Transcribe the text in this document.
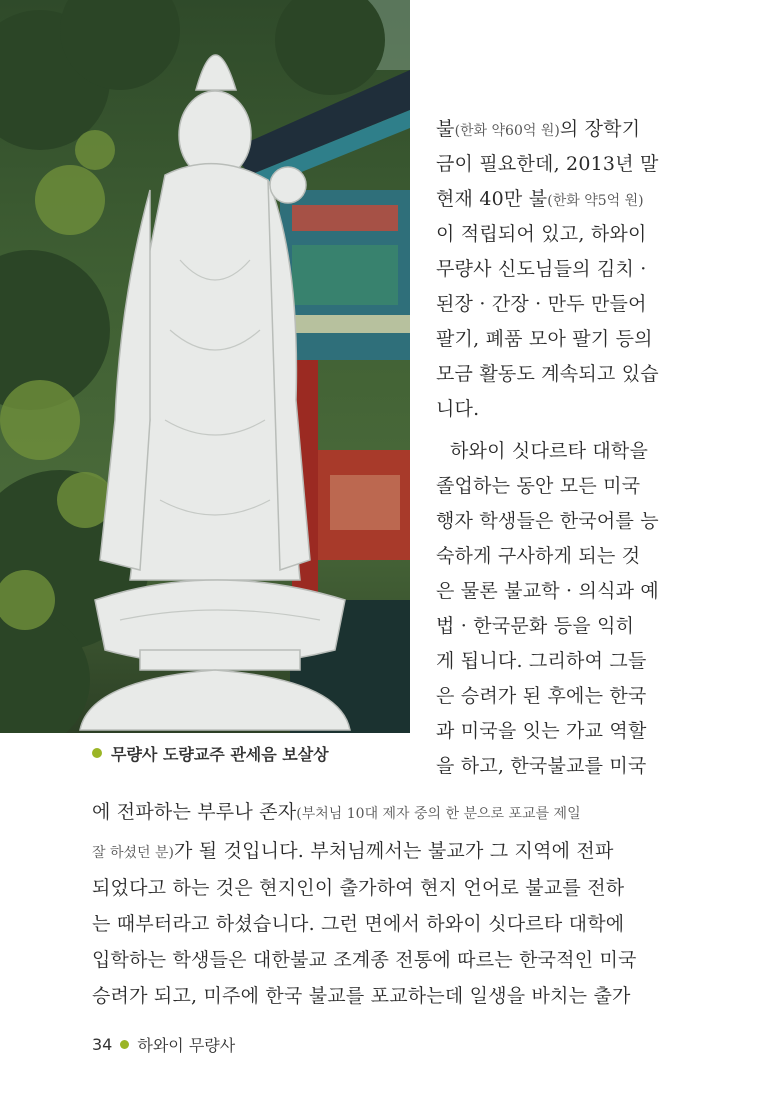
무량사 도량교주 관세음 보살상

불(한화 약60억 원)의 장학기

금이 필요한데, 2013년 말

현재 40만 불(한화 약5억 원)

이 적립되어 있고, 하와이

무량사 신도님들의 김치 ·

된장 · 간장 · 만두 만들어

팔기, 폐품 모아 팔기 등의

모금 활동도 계속되고 있습

니다.

하와이 싯다르타 대학을

졸업하는 동안 모든 미국

행자 학생들은 한국어를 능

숙하게 구사하게 되는 것

은 물론 불교학 · 의식과 예

법 · 한국문화 등을 익히

게 됩니다. 그리하여 그들

은 승려가 된 후에는 한국

과 미국을 잇는 가교 역할

을 하고, 한국불교를 미국

에 전파하는 부루나 존자(부처님 10대 제자 중의 한 분으로 포교를 제일

잘 하셨던 분)가 될 것입니다. 부처님께서는 불교가 그 지역에 전파

되었다고 하는 것은 현지인이 출가하여 현지 언어로 불교를 전하

는 때부터라고 하셨습니다. 그런 면에서 하와이 싯다르타 대학에

입학하는 학생들은 대한불교 조계종 전통에 따르는 한국적인 미국

승려가 되고, 미주에 한국 불교를 포교하는데 일생을 바치는 출가

34 하와이 무량사
